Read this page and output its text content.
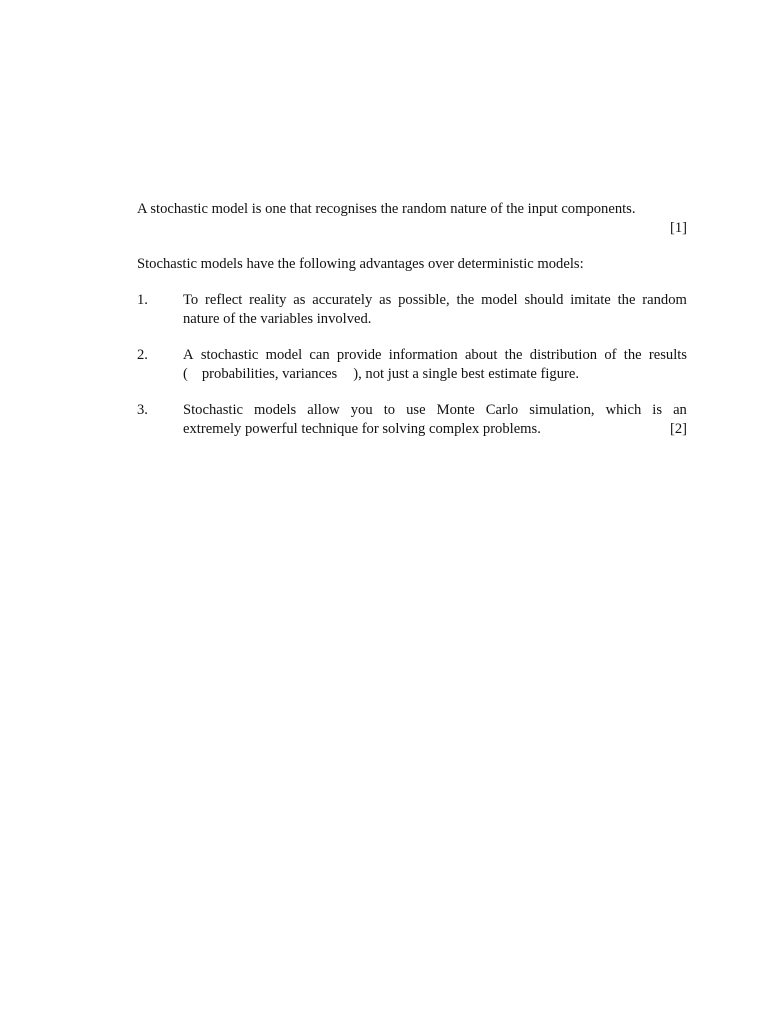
A stochastic model is one that recognises the random nature of the input components.
[1]
Stochastic models have the following advantages over deterministic models:
1. To reflect reality as accurately as possible, the model should imitate the random
nature of the variables involved.
2. A stochastic model can provide information about the distribution of the results
( probabilities, variances ), not just a single best estimate figure.
3. Stochastic models allow you to use Monte Carlo simulation, which is an
extremely powerful technique for solving complex problems.	[2]
